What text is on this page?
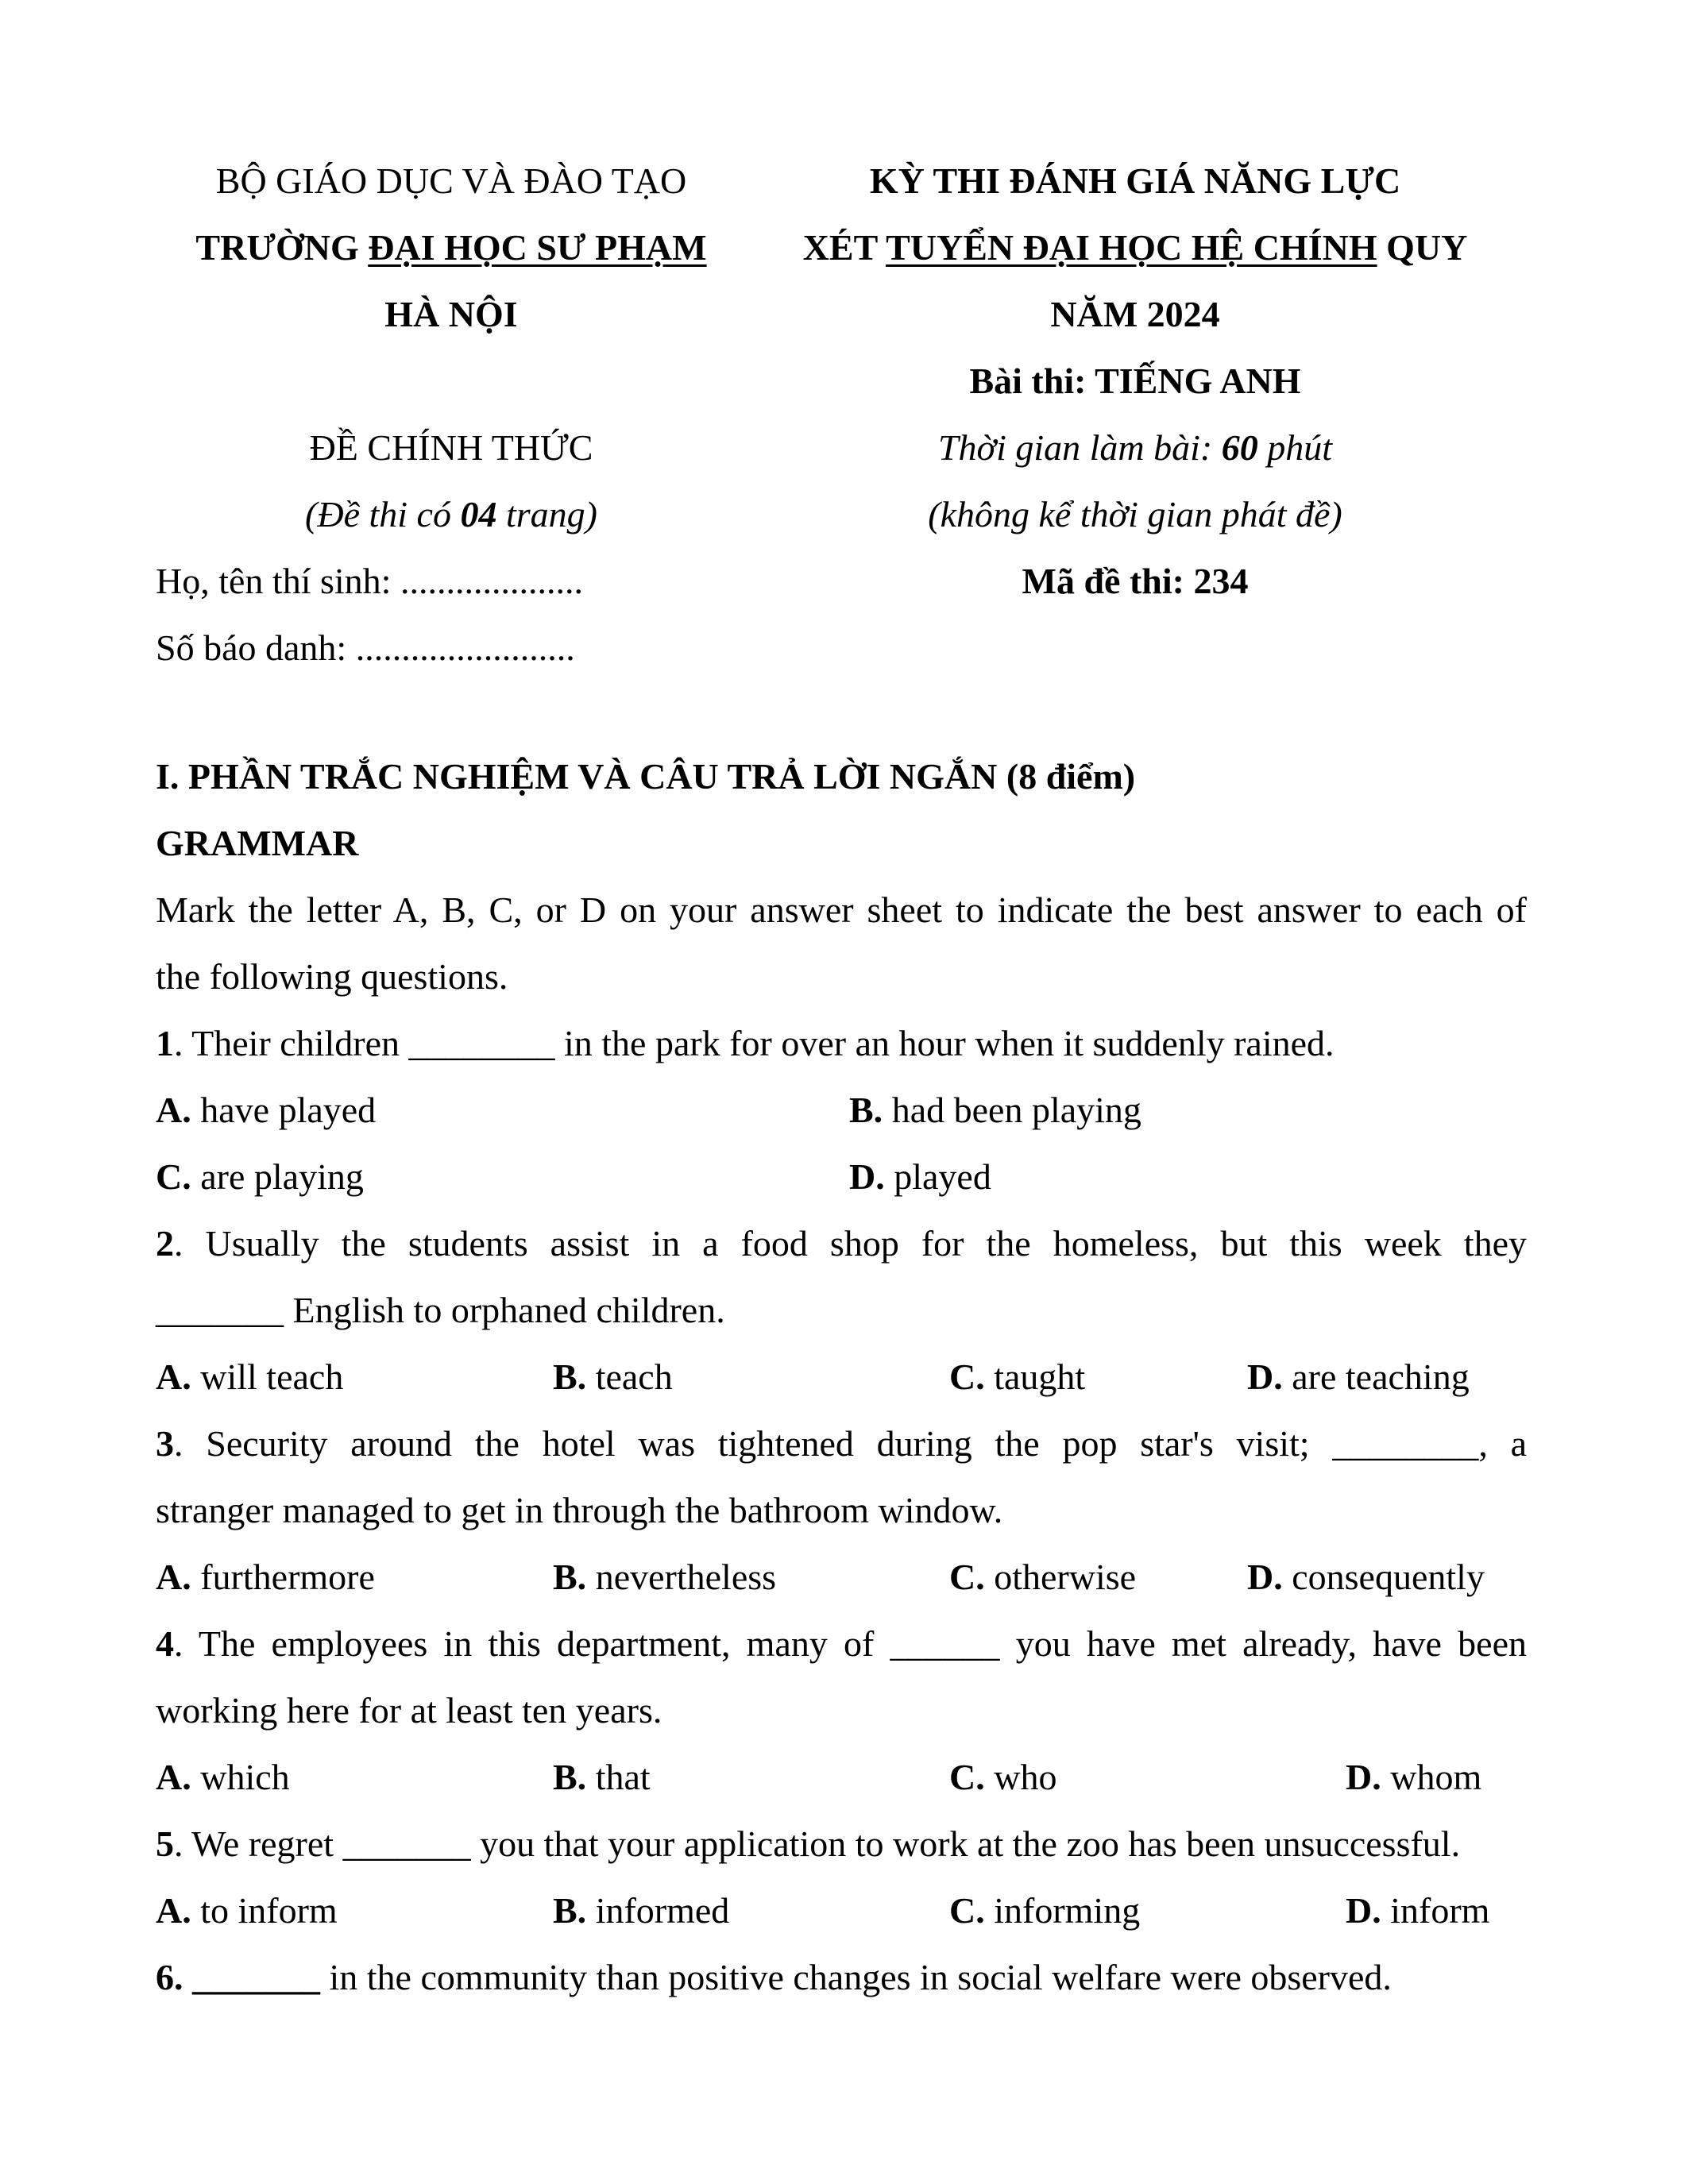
BỘ GIÁO DỤC VÀ ĐÀO TẠO
TRƯỜNG ĐẠI HỌC SƯ PHẠM
HÀ NỘI
ĐỀ CHÍNH THỨC
(Đề thi có 04 trang)
Họ, tên thí sinh: ....................
Số báo danh: ........................
KỲ THI ĐÁNH GIÁ NĂNG LỰC
XÉT TUYỂN ĐẠI HỌC HỆ CHÍNH QUY
NĂM 2024
Bài thi: TIẾNG ANH
Thời gian làm bài: 60 phút
(không kể thời gian phát đề)
Mã đề thi: 234
I. PHẦN TRẮC NGHIỆM VÀ CÂU TRẢ LỜI NGẮN (8 điểm)
GRAMMAR
Mark the letter A, B, C, or D on your answer sheet to indicate the best answer to each of
the following questions.
1. Their children ________ in the park for over an hour when it suddenly rained.
A. have played	B. had been playing
C. are playing	D. played
2. Usually the students assist in a food shop for the homeless, but this week they
_______ English to orphaned children.
A. will teach	B. teach	C. taught	D. are teaching
3. Security around the hotel was tightened during the pop star's visit; ________, a
stranger managed to get in through the bathroom window.
A. furthermore	B. nevertheless	C. otherwise	D. consequently
4. The employees in this department, many of ______ you have met already, have been
working here for at least ten years.
A. which	B. that	C. who	D. whom
5. We regret _______ you that your application to work at the zoo has been unsuccessful.
A. to inform	B. informed	C. informing	D. inform
6. _______ in the community than positive changes in social welfare were observed.
